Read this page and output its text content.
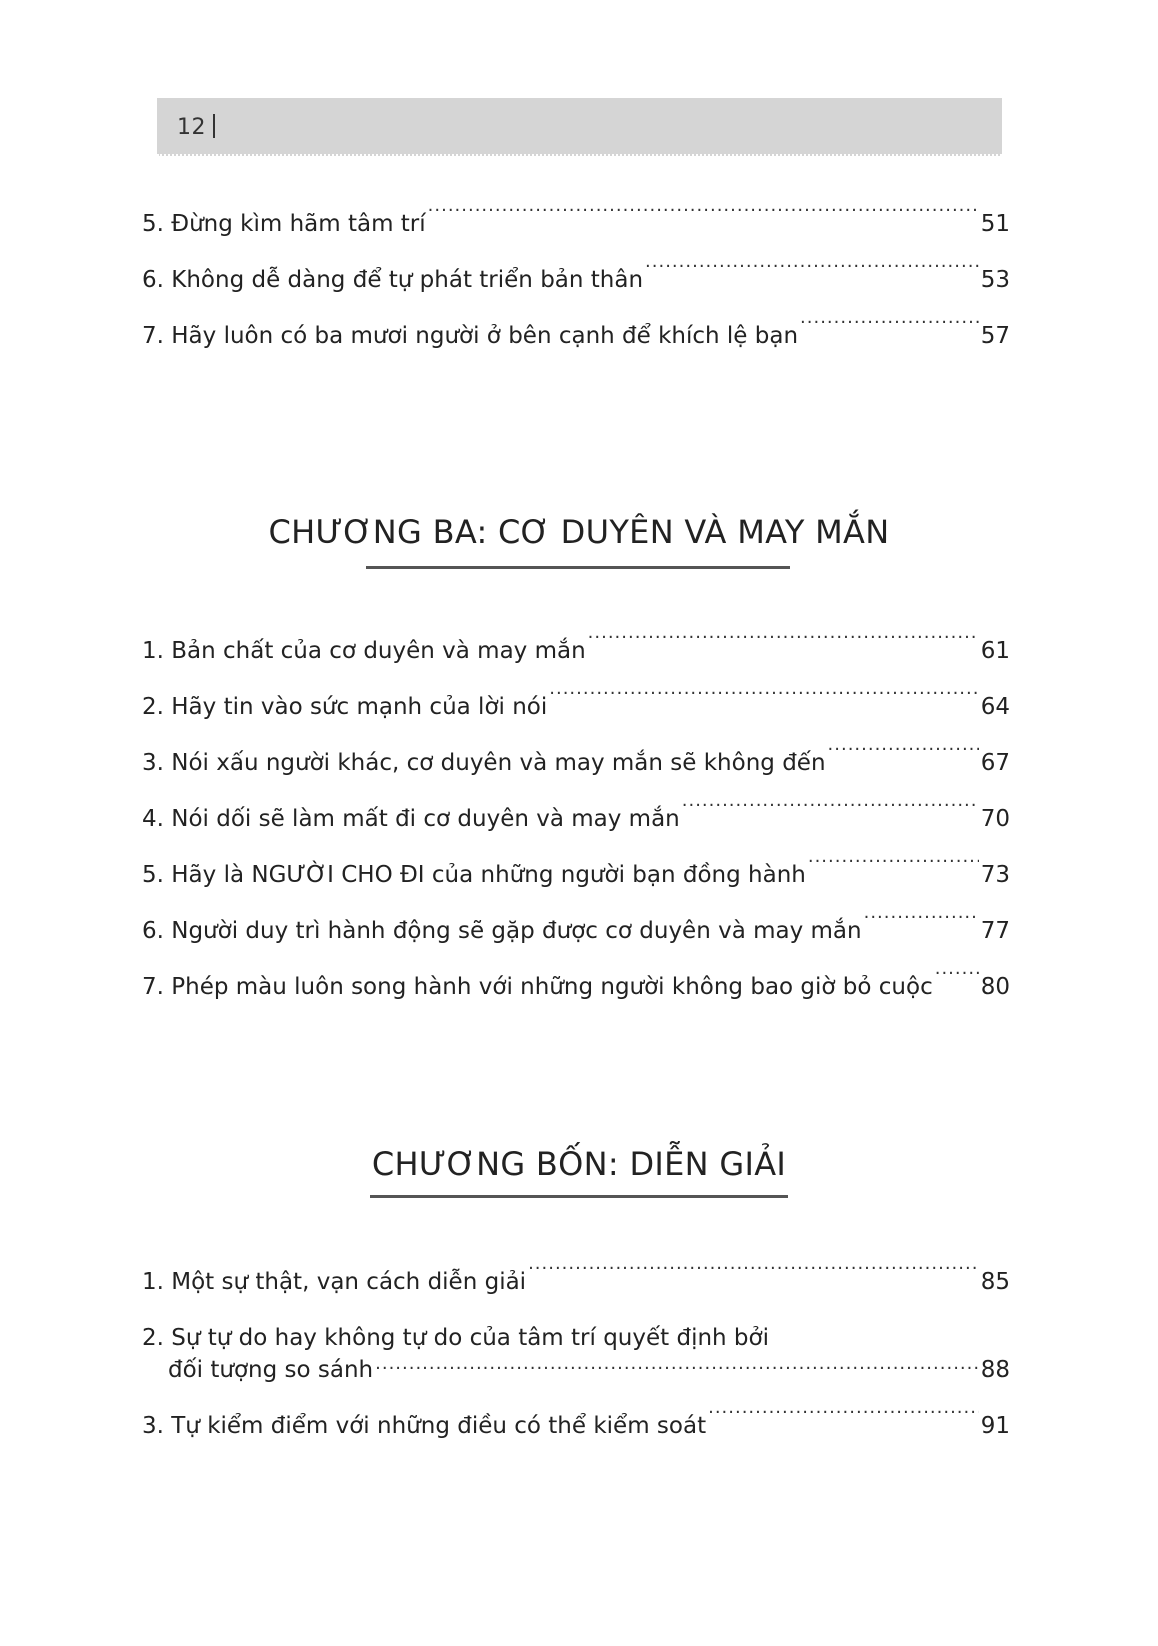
12
5. Đừng kìm hãm tâm trí .....	51
6. Không dễ dàng để tự phát triển bản thân .....	53
7. Hãy luôn có ba mươi người ở bên cạnh để khích lệ bạn .....	57
CHƯƠNG BA: CƠ DUYÊN VÀ MAY MẮN
1. Bản chất của cơ duyên và may mắn .....	61
2. Hãy tin vào sức mạnh của lời nói .....	64
3. Nói xấu người khác, cơ duyên và may mắn sẽ không đến .....	67
4. Nói dối sẽ làm mất đi cơ duyên và may mắn .....	70
5. Hãy là NGƯỜI CHO ĐI của những người bạn đồng hành .....	73
6. Người duy trì hành động sẽ gặp được cơ duyên và may mắn .....	77
7. Phép màu luôn song hành với những người không bao giờ bỏ cuộc ..... 80
CHƯƠNG BỐN: DIỄN GIẢI
1. Một sự thật, vạn cách diễn giải .....	85
2. Sự tự do hay không tự do của tâm trí quyết định bởi
đối tượng so sánh .....	88
3. Tự kiểm điểm với những điều có thể kiểm soát .....	91
